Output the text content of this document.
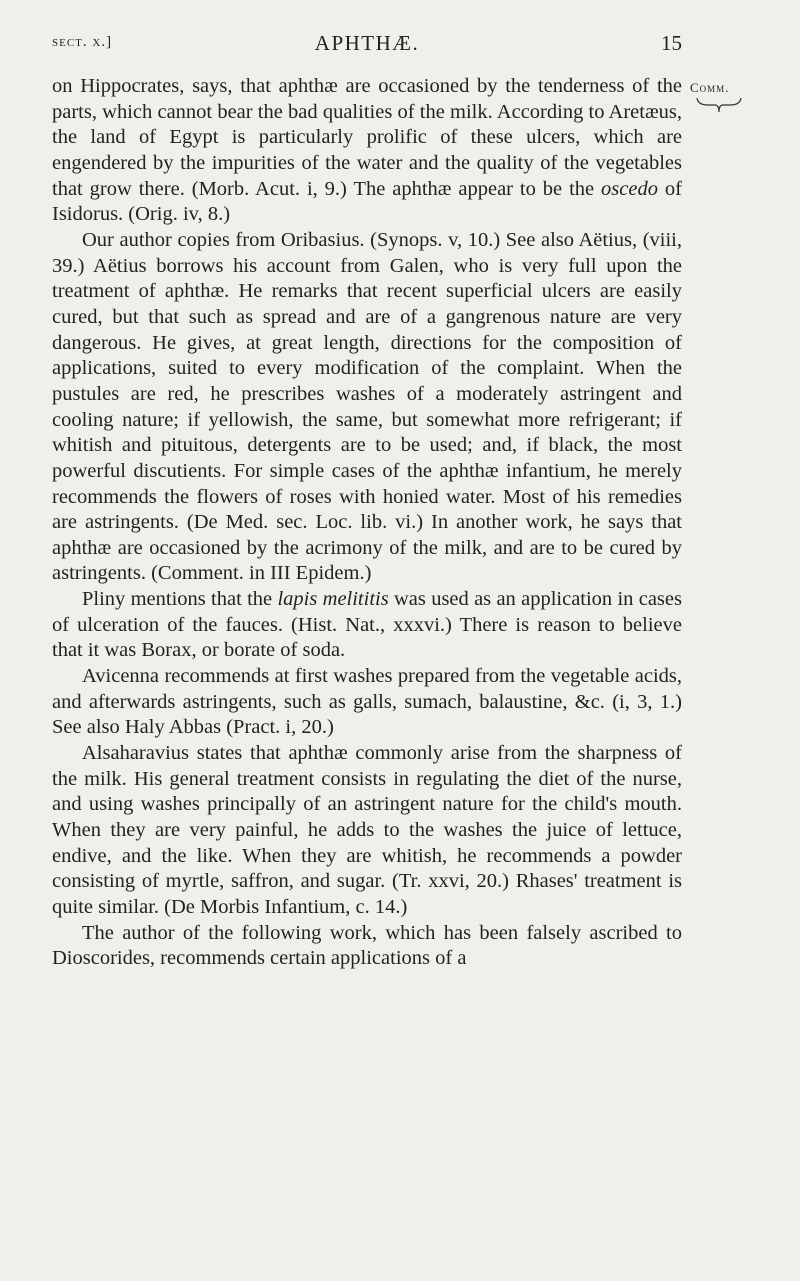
sect. x.]	APHTHÆ.	15
Comm.

on Hippocrates, says, that aphthæ are occasioned by the tenderness of the parts, which cannot bear the bad qualities of the milk. According to Aretæus, the land of Egypt is particularly prolific of these ulcers, which are engendered by the impurities of the water and the quality of the vegetables that grow there. (Morb. Acut. i, 9.) The aphthæ appear to be the oscedo of Isidorus. (Orig. iv, 8.)

Our author copies from Oribasius. (Synops. v, 10.) See also Aëtius, (viii, 39.) Aëtius borrows his account from Galen, who is very full upon the treatment of aphthæ. He remarks that recent superficial ulcers are easily cured, but that such as spread and are of a gangrenous nature are very dangerous. He gives, at great length, directions for the composition of applications, suited to every modification of the complaint. When the pustules are red, he prescribes washes of a moderately astringent and cooling nature; if yellowish, the same, but somewhat more refrigerant; if whitish and pituitous, detergents are to be used; and, if black, the most powerful discutients. For simple cases of the aphthæ infantium, he merely recommends the flowers of roses with honied water. Most of his remedies are astringents. (De Med. sec. Loc. lib. vi.) In another work, he says that aphthæ are occasioned by the acrimony of the milk, and are to be cured by astringents. (Comment. in III Epidem.)

Pliny mentions that the lapis melititis was used as an application in cases of ulceration of the fauces. (Hist. Nat., xxxvi.) There is reason to believe that it was Borax, or borate of soda.

Avicenna recommends at first washes prepared from the vegetable acids, and afterwards astringents, such as galls, sumach, balaustine, &c. (i, 3, 1.) See also Haly Abbas (Pract. i, 20.)

Alsaharavius states that aphthæ commonly arise from the sharpness of the milk. His general treatment consists in regulating the diet of the nurse, and using washes principally of an astringent nature for the child's mouth. When they are very painful, he adds to the washes the juice of lettuce, endive, and the like. When they are whitish, he recommends a powder consisting of myrtle, saffron, and sugar. (Tr. xxvi, 20.) Rhases' treatment is quite similar. (De Morbis Infantium, c. 14.)

The author of the following work, which has been falsely ascribed to Dioscorides, recommends certain applications of a
